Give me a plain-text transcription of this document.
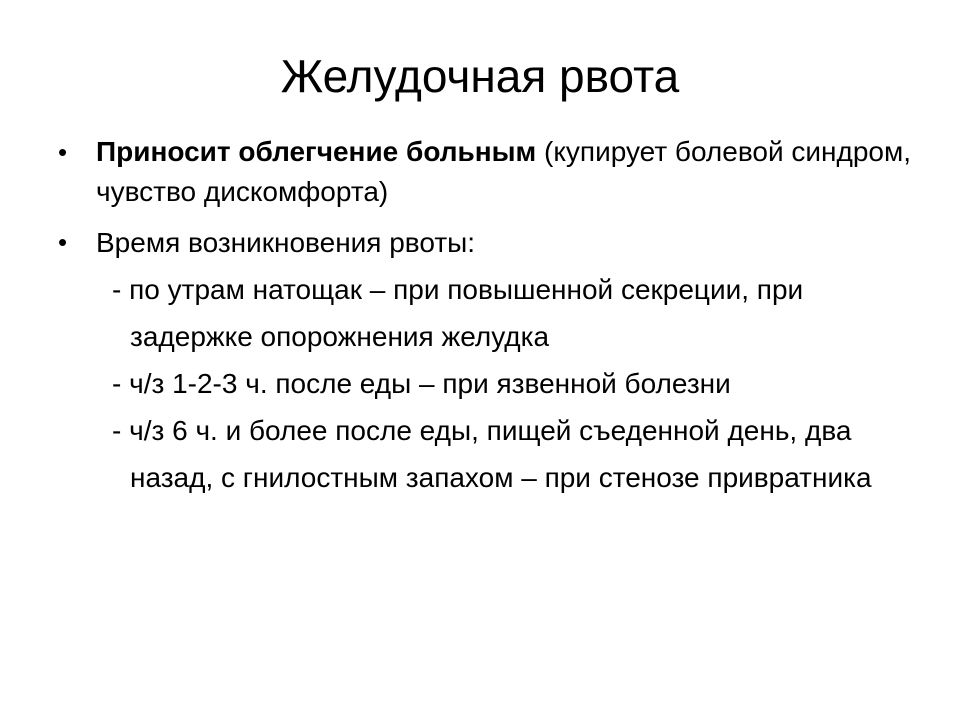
Желудочная рвота
• Приносит облегчение больным (купирует болевой синдром, чувство дискомфорта)
• Время возникновения рвоты:
- по утрам натощак – при повышенной секреции, при задержке опорожнения желудка
- ч/з 1-2-3 ч. после еды – при язвенной болезни
- ч/з 6 ч. и более после еды, пищей съеденной день, два назад, с гнилостным запахом – при стенозе привратника
